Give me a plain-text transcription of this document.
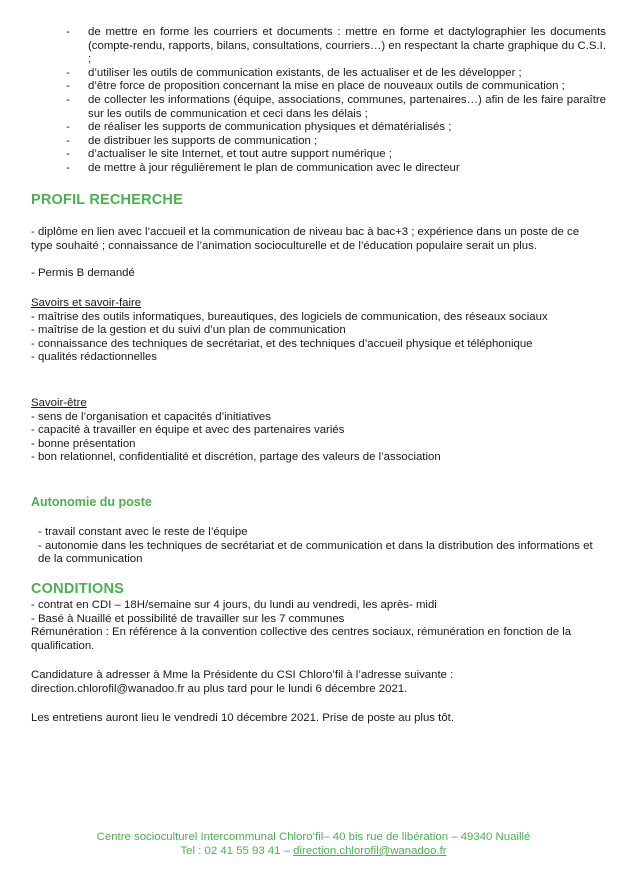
- de mettre en forme les courriers et documents : mettre en forme et dactylographier les documents (compte-rendu, rapports, bilans, consultations, courriers…) en respectant la charte graphique du C.S.I. ;
- d’utiliser les outils de communication existants, de les actualiser et de les développer ;
- d’être force de proposition concernant la mise en place de nouveaux outils de communication ;
- de collecter les informations (équipe, associations, communes, partenaires…) afin de les faire paraître sur les outils de communication et ceci dans les délais ;
- de réaliser les supports de communication physiques et dématérialisés ;
- de distribuer les supports de communication ;
- d’actualiser le site Internet, et tout autre support numérique ;
- de mettre à jour régulièrement le plan de communication avec le directeur
PROFIL RECHERCHE

- diplôme en lien avec l’accueil et la communication de niveau bac à bac+3 ; expérience dans un poste de ce type souhaité ; connaissance de l’animation socioculturelle et de l’éducation populaire serait un plus.

- Permis B demandé

Savoirs et savoir-faire

- maîtrise des outils informatiques, bureautiques, des logiciels de communication, des réseaux sociaux

- maîtrise de la gestion et du suivi d’un plan de communication

- connaissance des techniques de secrétariat, et des techniques d’accueil physique et téléphonique

- qualités rédactionnelles

Savoir-être

- sens de l’organisation et capacités d’initiatives

- capacité à travailler en équipe et avec des partenaires variés

- bonne présentation

- bon relationnel, confidentialité et discrétion, partage des valeurs de l’association

Autonomie du poste

- travail constant avec le reste de l’équipe

- autonomie dans les techniques de secrétariat et de communication et dans la distribution des informations et de la communication

CONDITIONS

- contrat en CDI – 18H/semaine sur 4 jours, du lundi au vendredi, les après- midi

- Basé à Nuaillé et possibilité de travailler sur les 7 communes

Rémunération : En référence à la convention collective des centres sociaux, rémunération en fonction de la qualification.

Candidature à adresser à Mme la Présidente du CSI Chloro’fil à l’adresse suivante : direction.chlorofil@wanadoo.fr au plus tard pour le lundi 6 décembre 2021.

Les entretiens auront lieu le vendredi 10 décembre 2021. Prise de poste au plus tôt.

Centre socioculturel Intercommunal Chloro’fil– 40 bis rue de libération – 49340 Nuaillé
Tel : 02 41 55 93 41 – direction.chlorofil@wanadoo.fr
